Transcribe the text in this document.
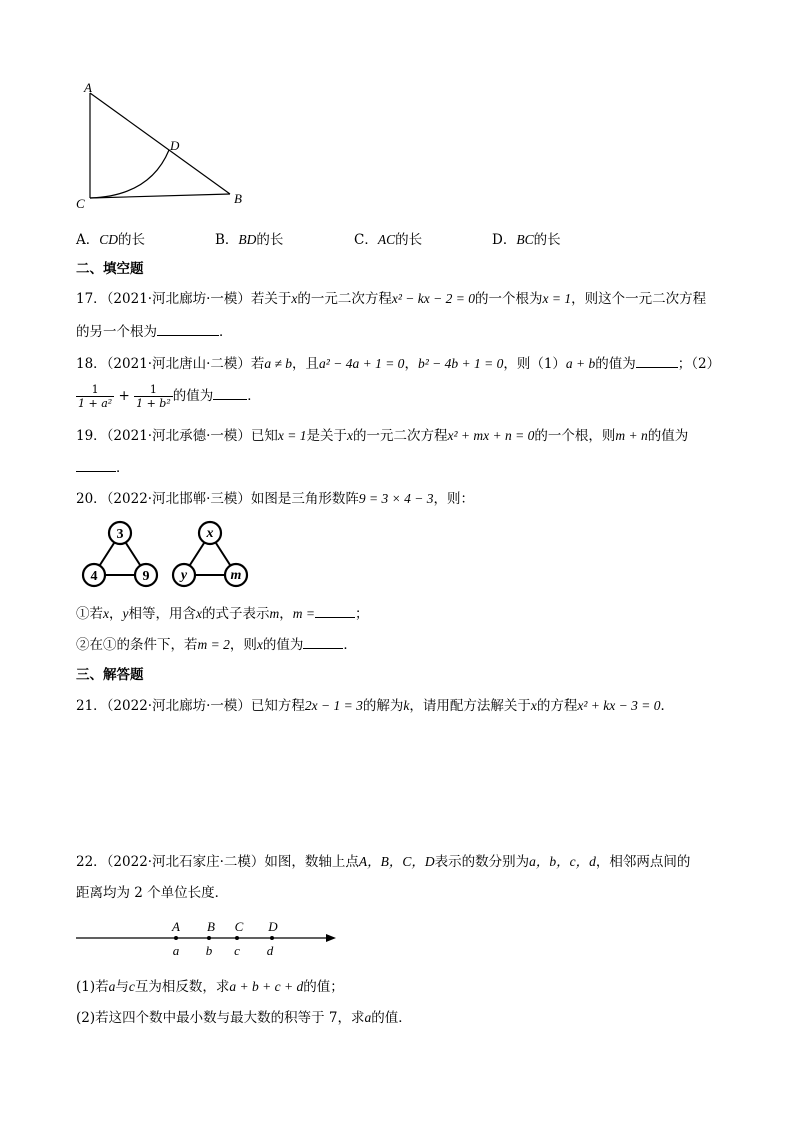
A
D
C	B
A．CD的长	B．BD的长	C．AC的长	D．BC的长
二、填空题
17．（2021·河北廊坊·一模）若关于x的一元二次方程x² − kx − 2 = 0的一个根为x = 1，则这个一元二次方程
的另一个根为	．
18．（2021·河北唐山·二模）若a ≠ b，且a² − 4a + 1 = 0，b² − 4b + 1 = 0，则（1）a + b的值为	；（2）
$\frac{1}{\text{1 + a²}} + \frac{1}{\text{1 + b²}}$ 的值为	．
19．（2021·河北承德·一模）已知x = 1是关于x的一元二次方程x² + mx + n = 0的一个根，则m + n的值为
．
20．（2022·河北邯郸·三模）如图是三角形数阵9 = 3 × 4 − 3，则：
3
4	9
x
y	m
①若x，y相等，用含x的式子表示m，m =	；
②在①的条件下，若m = 2，则x的值为	．
三、解答题
21．（2022·河北廊坊·一模）已知方程2x − 1 = 3的解为k，请用配方法解关于x的方程x² + kx − 3 = 0．
22．（2022·河北石家庄·二模）如图，数轴上点A，B，C，D表示的数分别为a，b，c，d，相邻两点间的
距离均为 2 个单位长度．
A
a
B
b
C
c
D
d
(1)若a与c互为相反数，求a + b + c + d的值；
(2)若这四个数中最小数与最大数的积等于 7，求a的值．
